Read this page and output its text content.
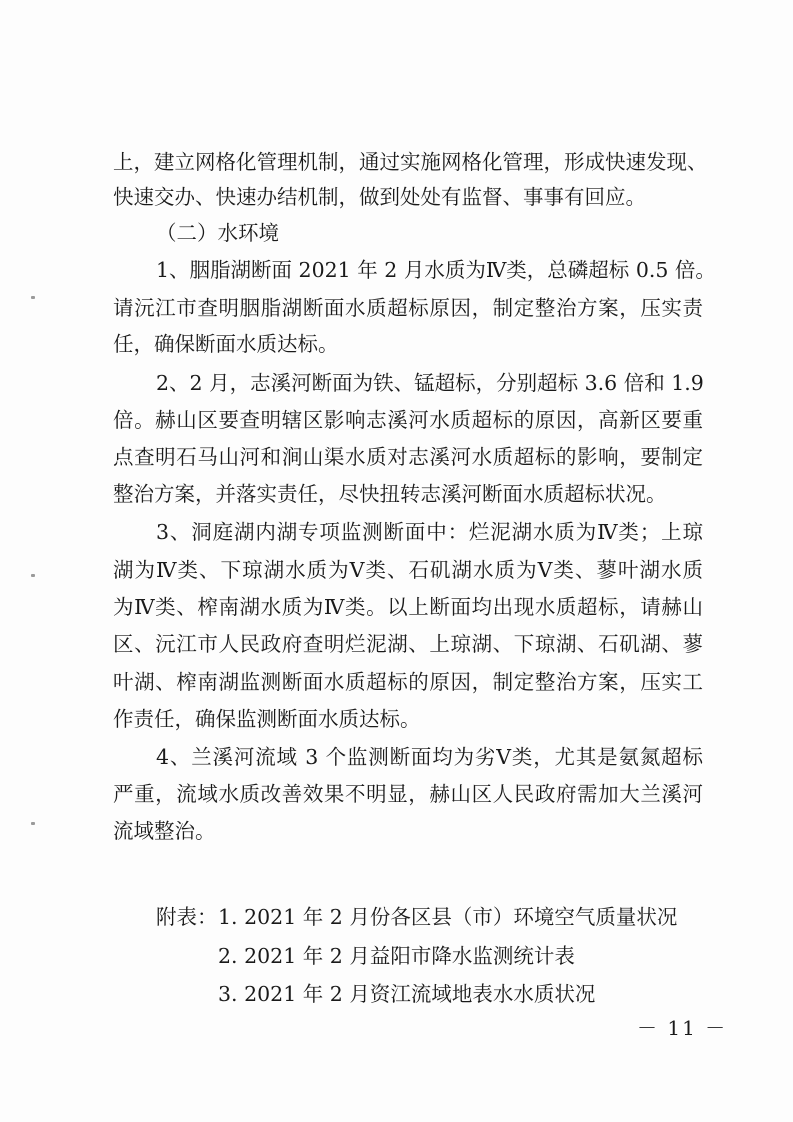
上，建立网格化管理机制，通过实施网格化管理，形成快速发现、
快速交办、快速办结机制，做到处处有监督、事事有回应。
（二）水环境
1、胭脂湖断面 2021 年 2 月水质为Ⅳ类，总磷超标 0.5 倍。
请沅江市查明胭脂湖断面水质超标原因，制定整治方案，压实责
任，确保断面水质达标。
2、2 月，志溪河断面为铁、锰超标，分别超标 3.6 倍和 1.9
倍。赫山区要查明辖区影响志溪河水质超标的原因，高新区要重
点查明石马山河和涧山渠水质对志溪河水质超标的影响，要制定
整治方案，并落实责任，尽快扭转志溪河断面水质超标状况。
3、洞庭湖内湖专项监测断面中：烂泥湖水质为Ⅳ类；上琼
湖为Ⅳ类、下琼湖水质为Ⅴ类、石矶湖水质为Ⅴ类、蓼叶湖水质
为Ⅳ类、榨南湖水质为Ⅳ类。以上断面均出现水质超标，请赫山
区、沅江市人民政府查明烂泥湖、上琼湖、下琼湖、石矶湖、蓼
叶湖、榨南湖监测断面水质超标的原因，制定整治方案，压实工
作责任，确保监测断面水质达标。
4、兰溪河流域 3 个监测断面均为劣Ⅴ类，尤其是氨氮超标
严重，流域水质改善效果不明显，赫山区人民政府需加大兰溪河
流域整治。
附表： 1. 2021 年 2 月份各区县（市）环境空气质量状况
2. 2021 年 2 月益阳市降水监测统计表
3. 2021 年 2 月资江流域地表水水质状况
－ 11 －
